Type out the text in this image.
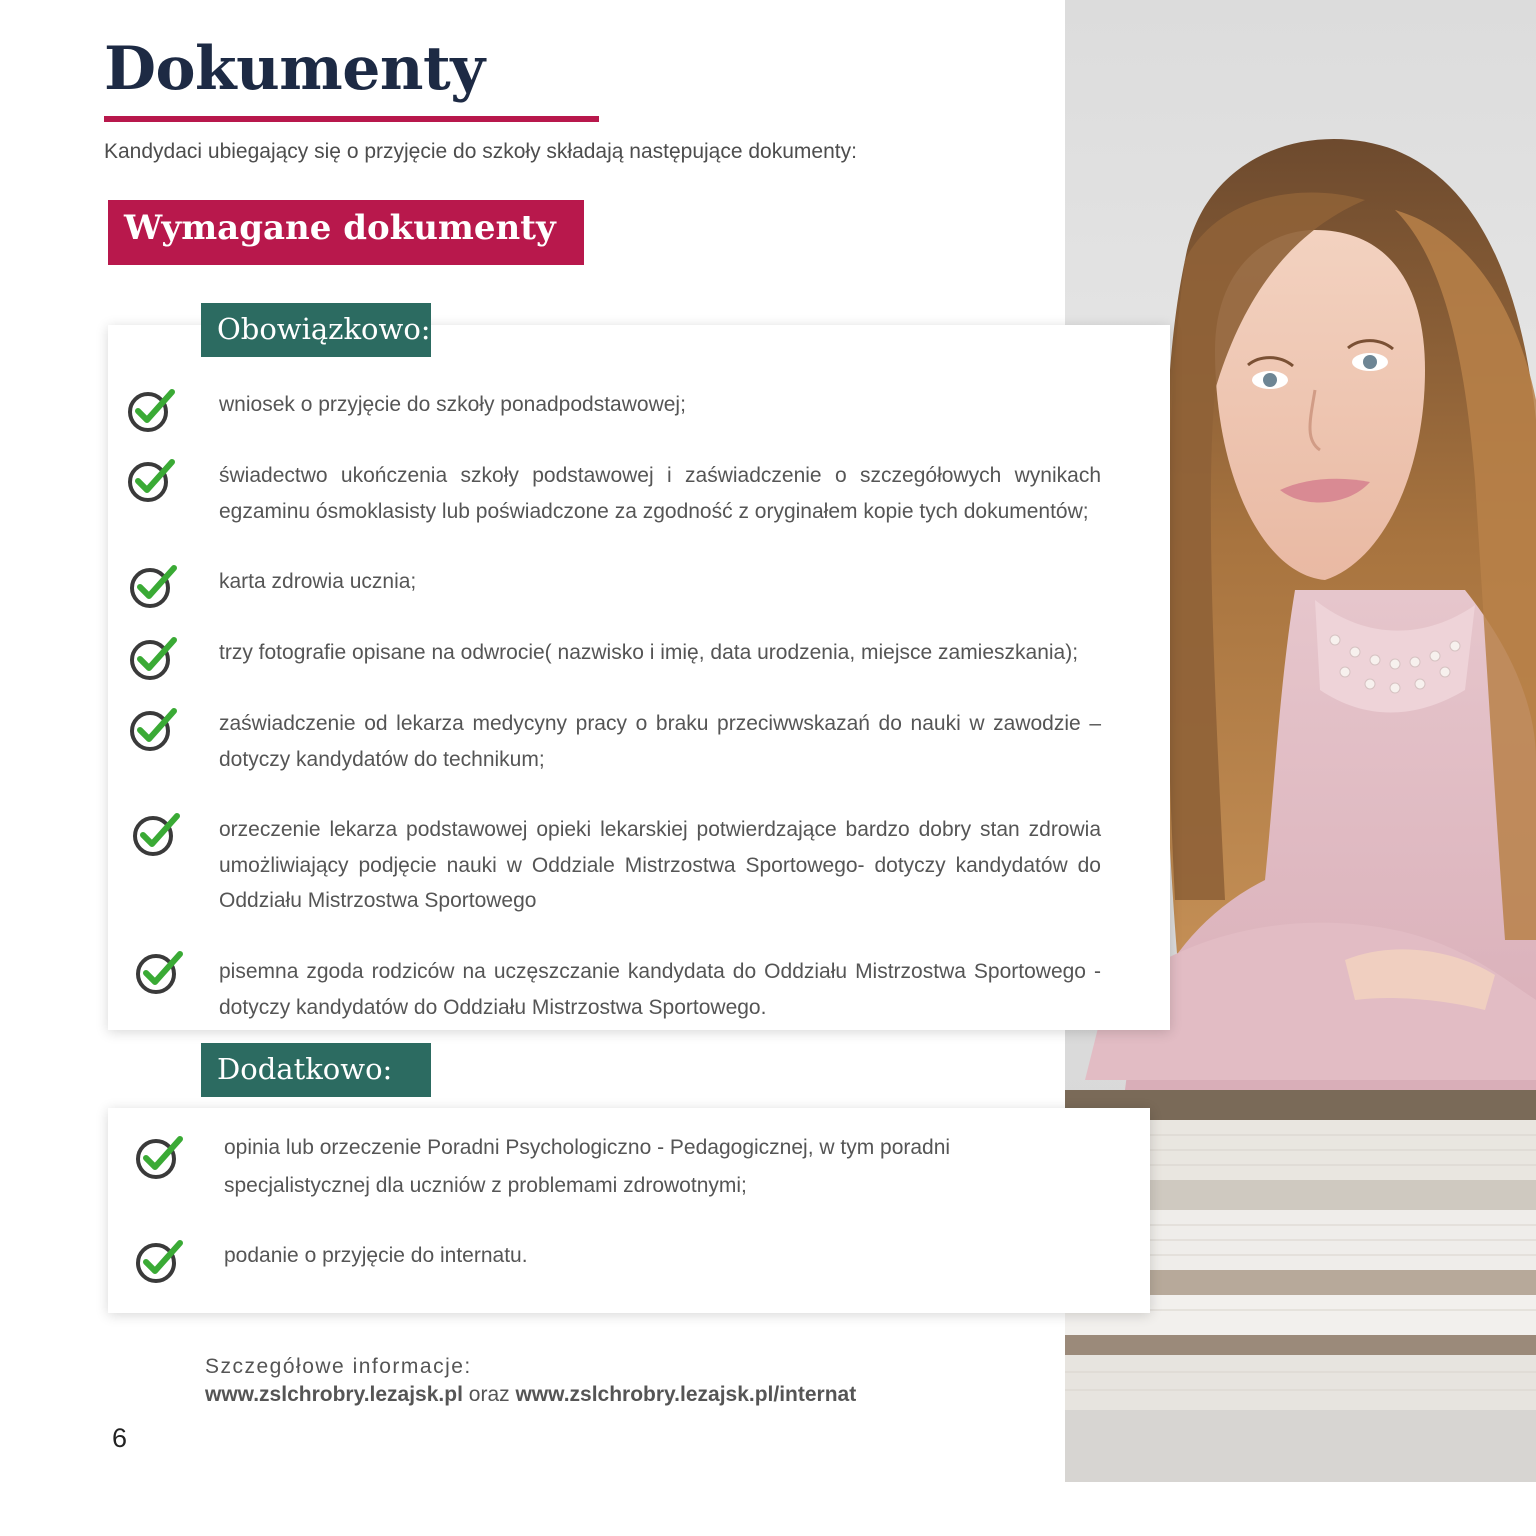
Dokumenty
Kandydaci ubiegający się o przyjęcie do szkoły składają następujące dokumenty:
Wymagane dokumenty
Obowiązkowo:
wniosek o przyjęcie do szkoły ponadpodstawowej;
świadectwo ukończenia szkoły podstawowej i zaświadczenie o szczegółowych wynikach egzaminu ósmoklasisty lub poświadczone za zgodność z oryginałem kopie tych dokumentów;
karta zdrowia ucznia;
trzy fotografie opisane na odwrocie( nazwisko i imię, data urodzenia, miejsce zamieszkania);
zaświadczenie od lekarza medycyny pracy o braku przeciwwskazań do nauki w zawodzie – dotyczy kandydatów do technikum;
orzeczenie lekarza podstawowej opieki lekarskiej potwierdzające bardzo dobry stan zdrowia umożliwiający podjęcie nauki w Oddziale Mistrzostwa Sportowego- dotyczy kandydatów do Oddziału Mistrzostwa Sportowego
pisemna zgoda rodziców na uczęszczanie kandydata do Oddziału Mistrzostwa Sportowego - dotyczy kandydatów do Oddziału Mistrzostwa Sportowego.
Dodatkowo:
opinia lub orzeczenie Poradni Psychologiczno - Pedagogicznej, w tym poradni specjalistycznej dla uczniów z problemami zdrowotnymi;
podanie o przyjęcie do internatu.
Szczegółowe informacje:
www.zslchrobry.lezajsk.pl oraz www.zslchrobry.lezajsk.pl/internat
6
